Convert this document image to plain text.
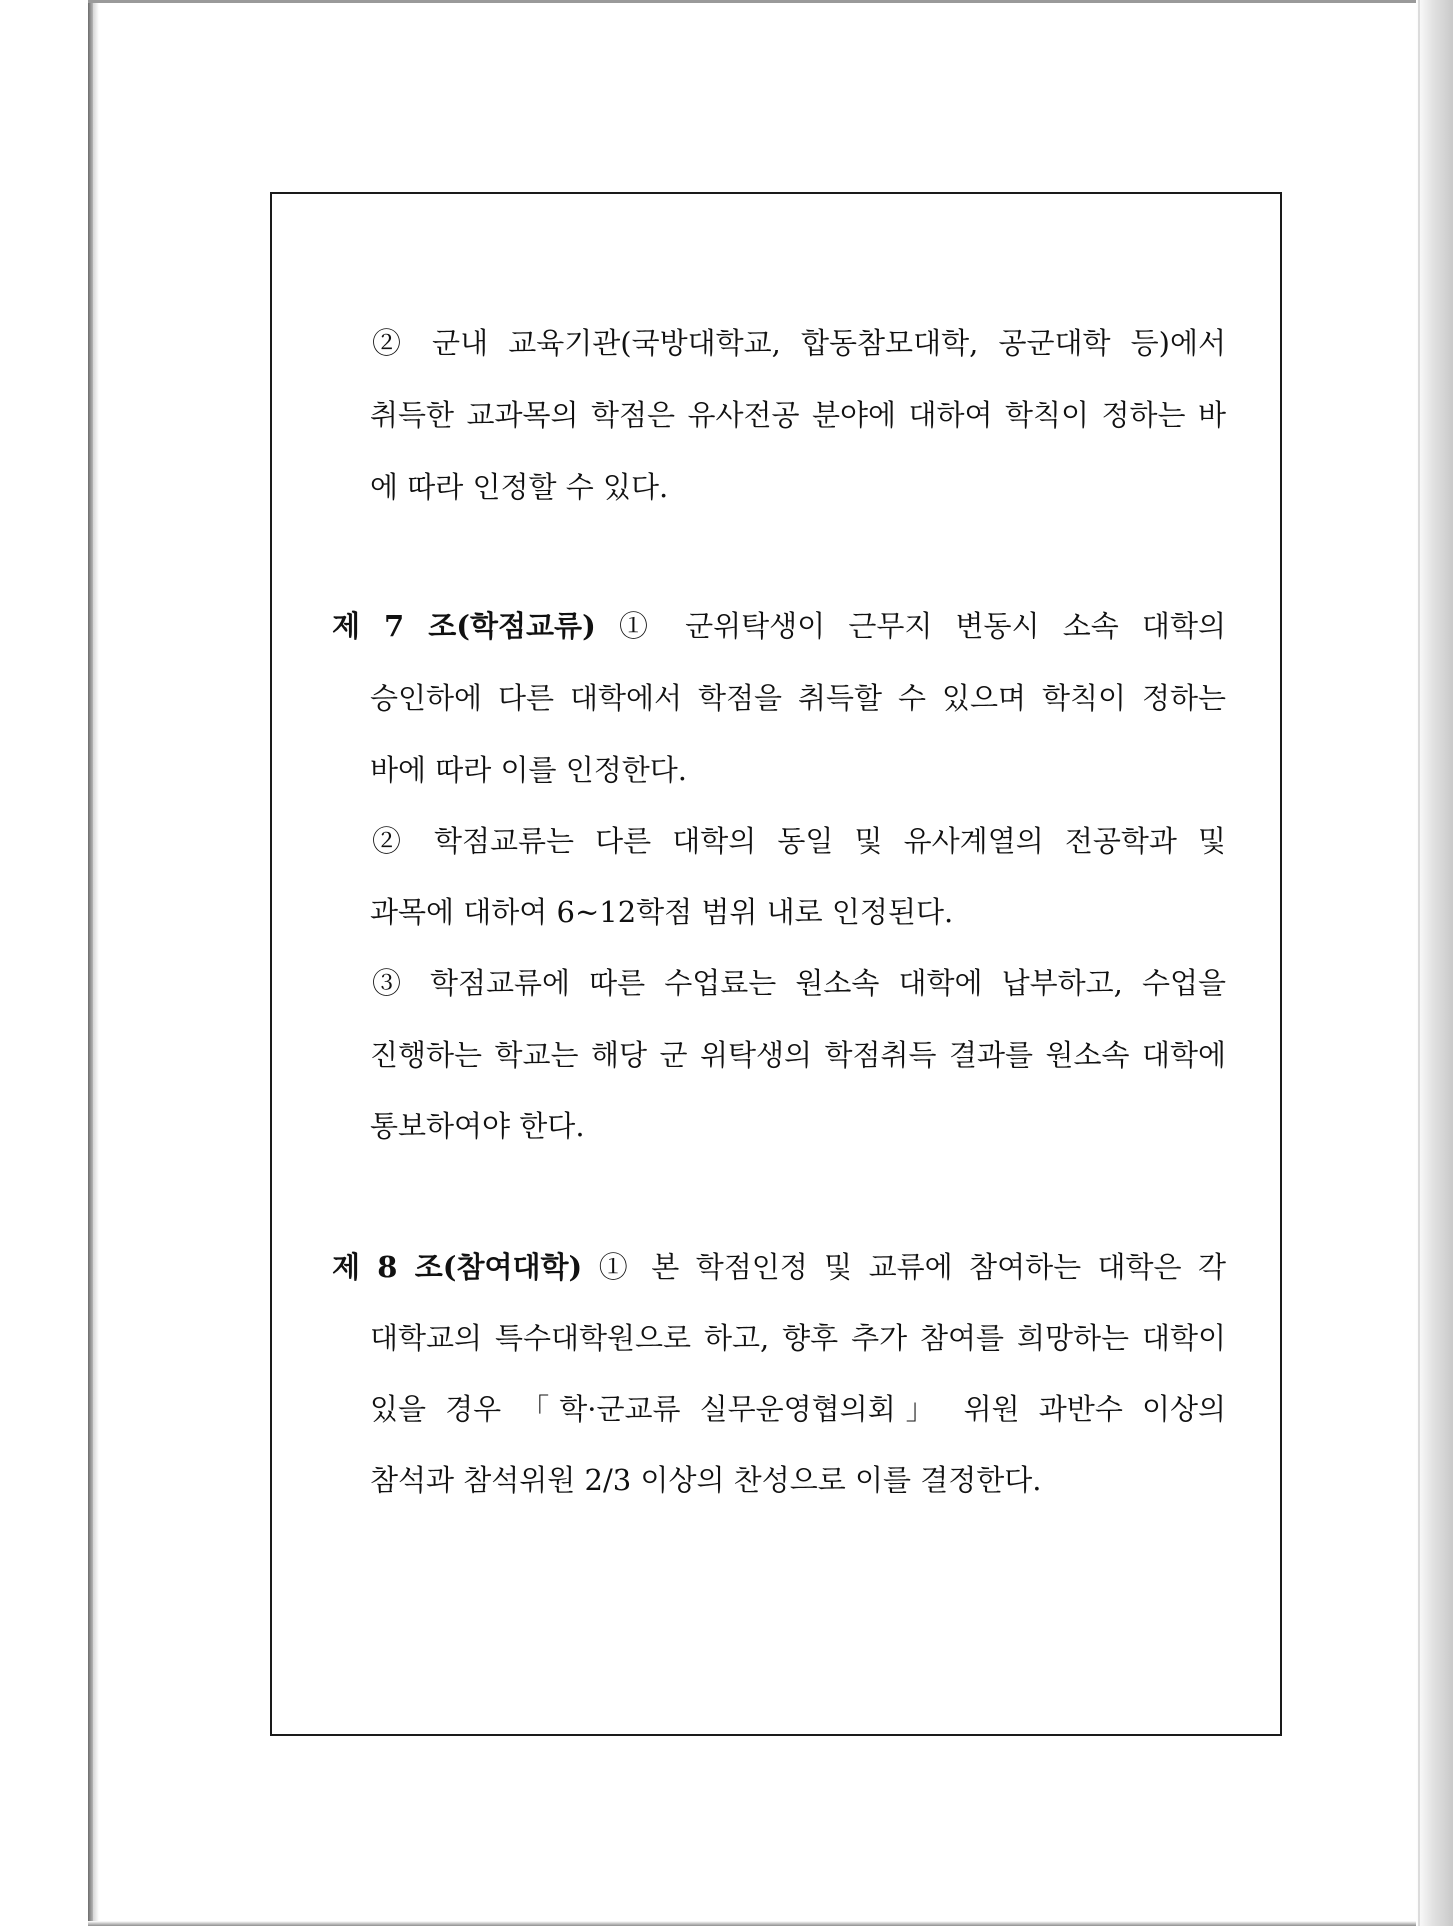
② 군내 교육기관(국방대학교, 합동참모대학, 공군대학 등)에서
취득한 교과목의 학점은 유사전공 분야에 대하여 학칙이 정하는 바
에 따라 인정할 수 있다.
제 7 조(학점교류) ① 군위탁생이 근무지 변동시 소속 대학의
승인하에 다른 대학에서 학점을 취득할 수 있으며 학칙이 정하는
바에 따라 이를 인정한다.
② 학점교류는 다른 대학의 동일 및 유사계열의 전공학과 및
과목에 대하여 6~12학점 범위 내로 인정된다.
③ 학점교류에 따른 수업료는 원소속 대학에 납부하고, 수업을
진행하는 학교는 해당 군 위탁생의 학점취득 결과를 원소속 대학에
통보하여야 한다.
제 8 조(참여대학) ① 본 학점인정 및 교류에 참여하는 대학은 각
대학교의 특수대학원으로 하고, 향후 추가 참여를 희망하는 대학이
있을 경우 「학·군교류 실무운영협의회」 위원 과반수 이상의
참석과 참석위원 2/3 이상의 찬성으로 이를 결정한다.
